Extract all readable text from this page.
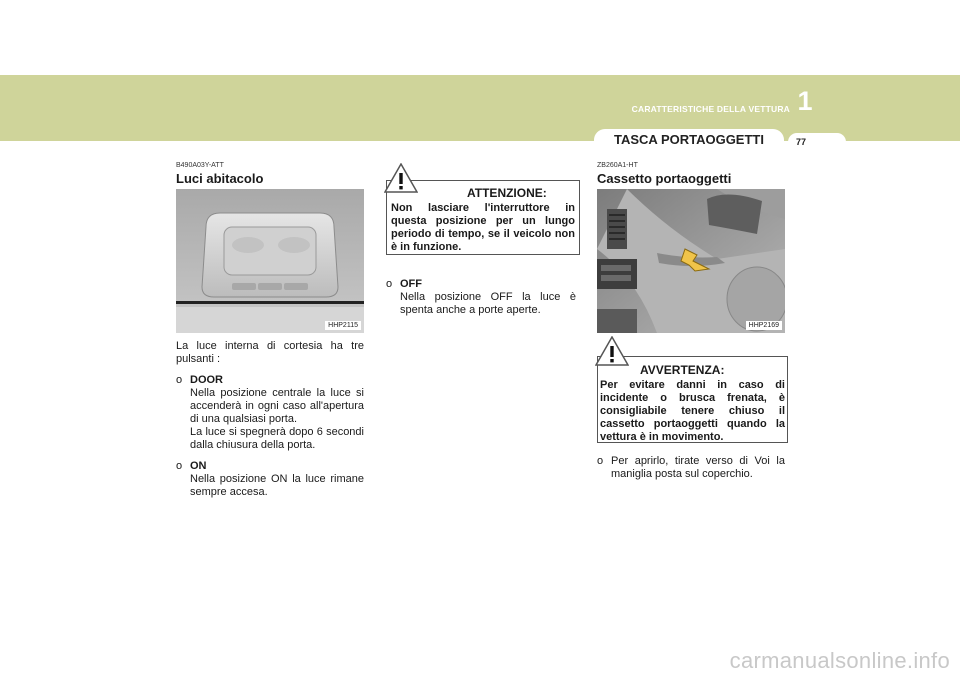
CARATTERISTICHE DELLA VETTURA 1
TASCA PORTAOGGETTI	77
B490A03Y-ATT
Luci abitacolo
HHP2115

La luce interna di cortesia ha tre pulsanti :

o DOOR

Nella posizione centrale la luce si accenderà in ogni caso all'apertura di una qualsiasi porta.

La luce si spegnerà dopo 6 secondi dalla chiusura della porta.

o ON

Nella posizione ON la luce rimane sempre accesa.

ATTENZIONE:
Non lasciare l'interruttore in questa posizione per un lungo periodo di tempo, se il veicolo non è in funzione.
o OFF

Nella posizione OFF la luce è spenta anche a porte aperte.

ZB260A1-HT
Cassetto portaoggetti
HHP2169
AVVERTENZA:
Per evitare danni in caso di incidente o brusca frenata, è consigliabile tenere chiuso il cassetto portaoggetti quando la vettura è in movimento.
o Per aprirlo, tirate verso di Voi la maniglia posta sul coperchio.

carmanualsonline.info
